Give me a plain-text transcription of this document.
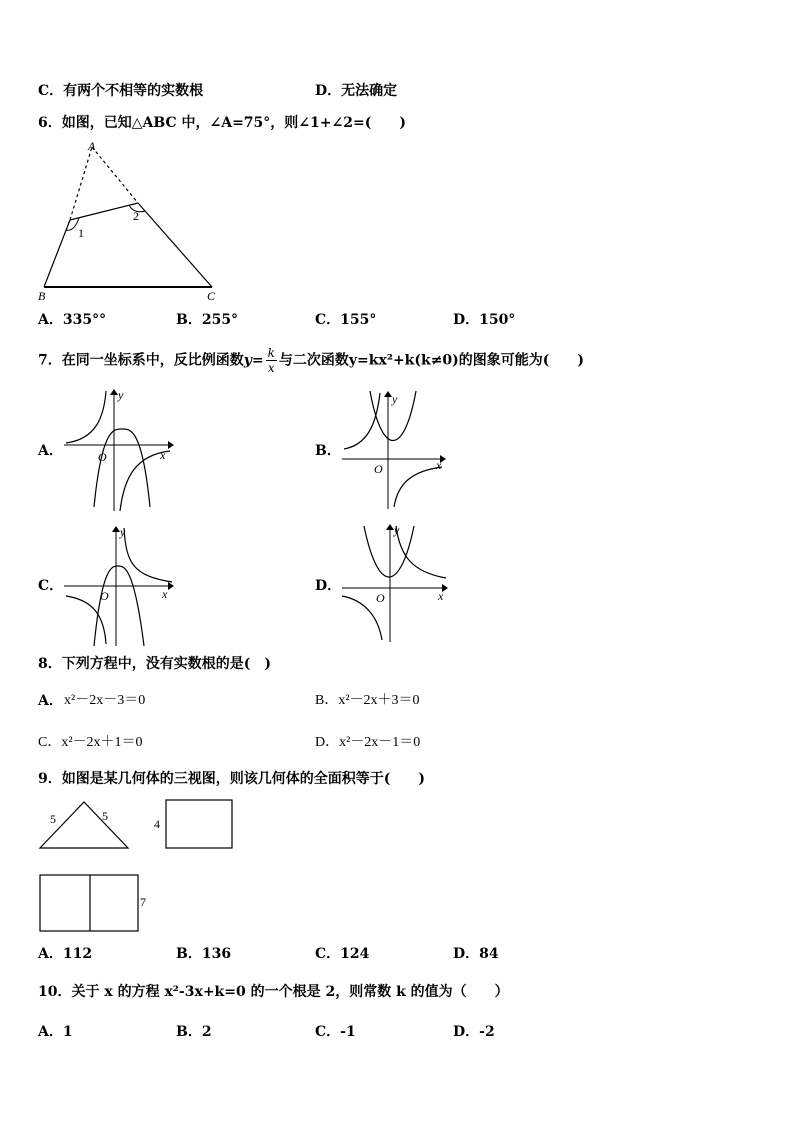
C．有两个不相等的实数根	D．无法确定
6．如图，已知△ABC 中，∠A=75°，则∠1+∠2=(　　)
A
B	C
1
2
A．335°°	B．255°	C．155°	D．150°
7．在同一坐标系中，反比例函数$y= \frac{k}{x}$ 与二次函数y=kx²+k(k≠0)的图象可能为(　　)
A．
y
x
O	B．
y
x
O
C．
y
x
O
D．
y
x
O
8．下列方程中，没有实数根的是(　)
A． x²－2x－3＝0	B．x²－2x＋3＝0
C．x²－2x＋1＝0	D．x²－2x－1＝0
9．如图是某几何体的三视图，则该几何体的全面积等于(　　)
5	5
4
7
A．112	B．136	C．124	D．84
10．关于 x 的方程 x²-3x+k=0 的一个根是 2，则常数 k 的值为（　　）
A．1	B．2	C．-1	D．-2
